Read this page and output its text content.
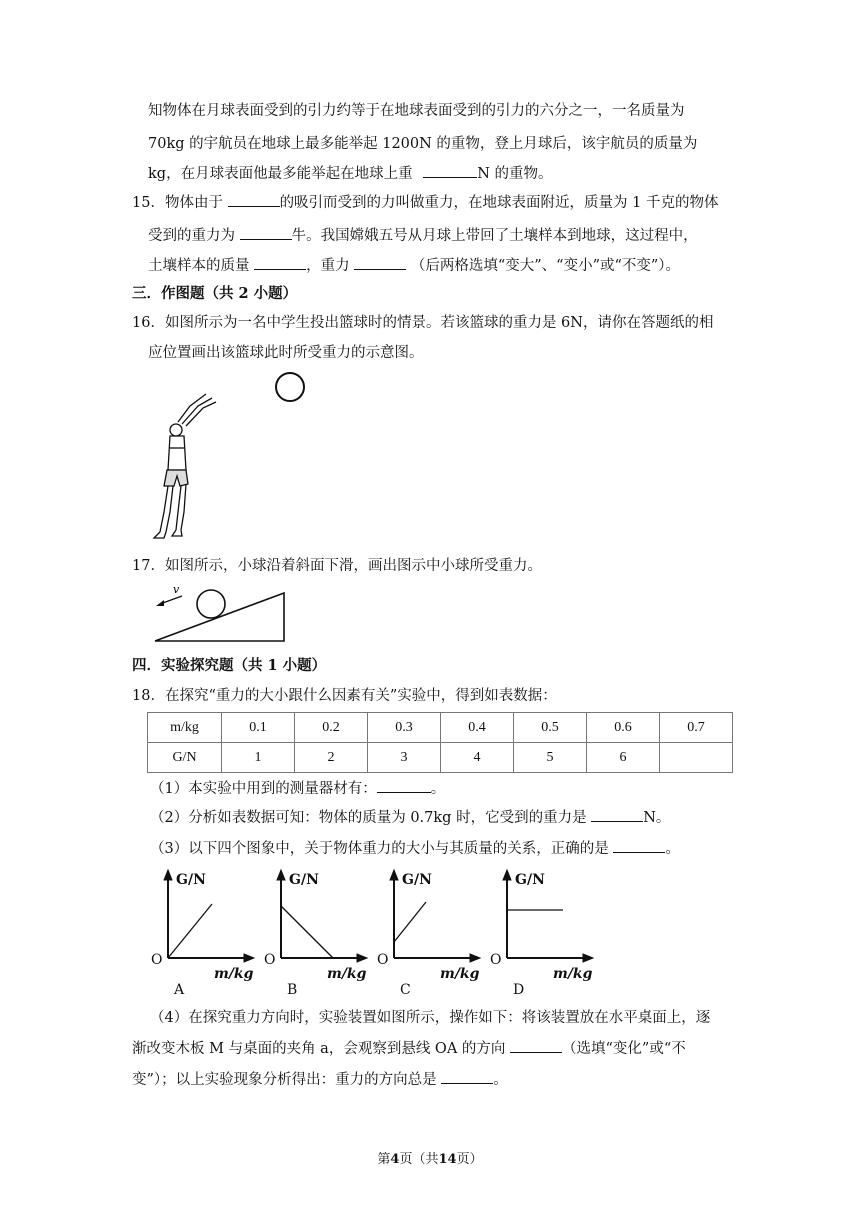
知物体在月球表面受到的引力约等于在地球表面受到的引力的六分之一，一名质量为
70kg 的宇航员在地球上最多能举起 1200N 的重物，登上月球后，该宇航员的质量为
kg，在月球表面他最多能举起在地球上重	N 的重物。
15．物体由于	的吸引而受到的力叫做重力，在地球表面附近，质量为 1 千克的物体
受到的重力为	牛。我国嫦娥五号从月球上带回了土壤样本到地球，这过程中，
土壤样本的质量	，重力	（后两格选填“变大”、“变小”或“不变”）。
三．作图题（共 2 小题）
16．如图所示为一名中学生投出篮球时的情景。若该篮球的重力是 6N，请你在答题纸的相
应位置画出该篮球此时所受重力的示意图。
17．如图所示，小球沿着斜面下滑，画出图示中小球所受重力。
v
四．实验探究题（共 1 小题）
18．在探究“重力的大小跟什么因素有关”实验中，得到如表数据：
m/kg	0.1	0.2	0.3	0.4	0.5	0.6	0.7
G/N	1	2	3	4	5	6	
（1）本实验中用到的测量器材有：	。
（2）分析如表数据可知：物体的质量为 0.7kg 时，它受到的重力是	N。
（3）以下四个图象中，关于物体重力的大小与其质量的关系，正确的是	。
G/N
O
m/kg
A
G/N
O
m/kg
B
G/N
O
m/kg
C
G/N
O
m/kg
D
（4）在探究重力方向时，实验装置如图所示，操作如下：将该装置放在水平桌面上，逐
渐改变木板 M 与桌面的夹角 a，会观察到悬线 OA 的方向	（选填“变化”或“不
变”）；以上实验现象分析得出：重力的方向总是	。
第4页（共14页）
